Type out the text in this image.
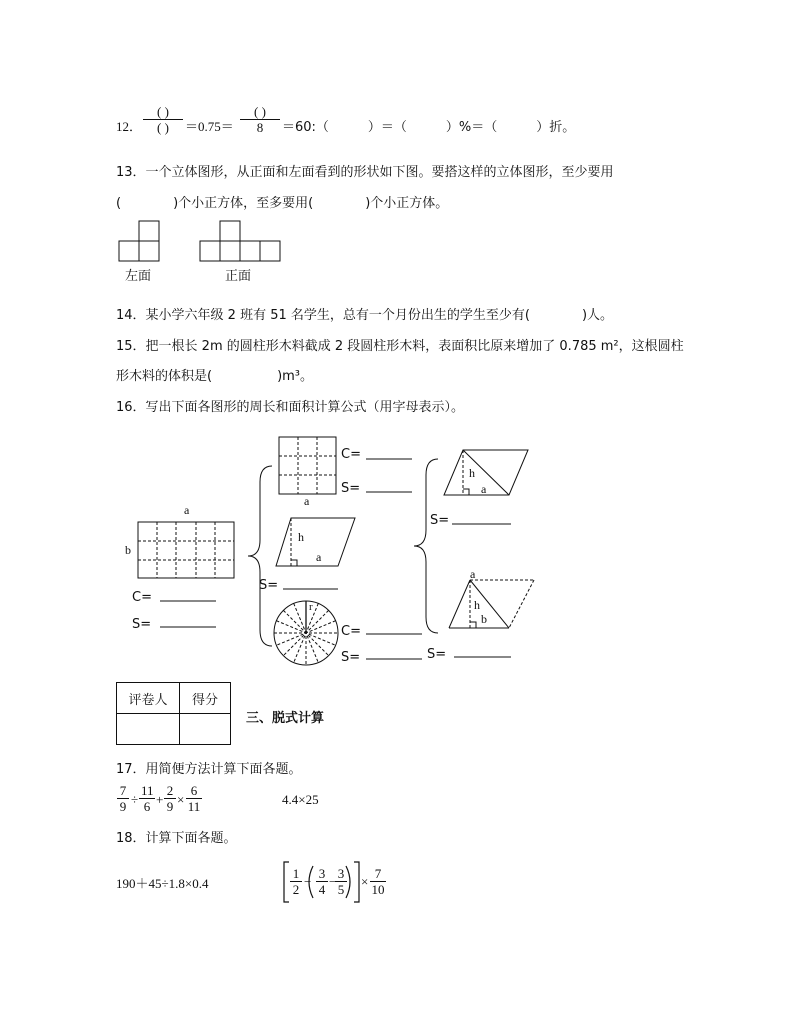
12．
( )
( )	＝0.75＝
( )
8	＝60:（　　　）＝（　　　）%＝（　　　）折。
13．一个立体图形，从正面和左面看到的形状如下图。要搭这样的立体图形，至少要用
(　　　　)个小正方体，至多要用(　　　　)个小正方体。
左面	正面
14．某小学六年级 2 班有 51 名学生，总有一个月份出生的学生至少有(　　　　)人。
15．把一根长 2m 的圆柱形木料截成 2 段圆柱形木料，表面积比原来增加了 0.785 m²，这根圆柱
形木料的体积是(　　　　　)m³。
16．写出下面各图形的周长和面积计算公式（用字母表示）。
a
b
C=
S=
a
C=
S=
h
a
S=
r
C=
S=
h
a
S=
a
h
b
S=
评卷人	得分

三、脱式计算
17．用简便方法计算下面各题。
$\frac{7}{9} \div \frac{11}{6} + \frac{2}{9} \times \frac{6}{11}$	4.4×25
18．计算下面各题。
190＋45÷1.8×0.4	$\frac{1}{2} - \frac{3}{4}$ −
$\frac{3}{5} \times \frac{7}{10}$
